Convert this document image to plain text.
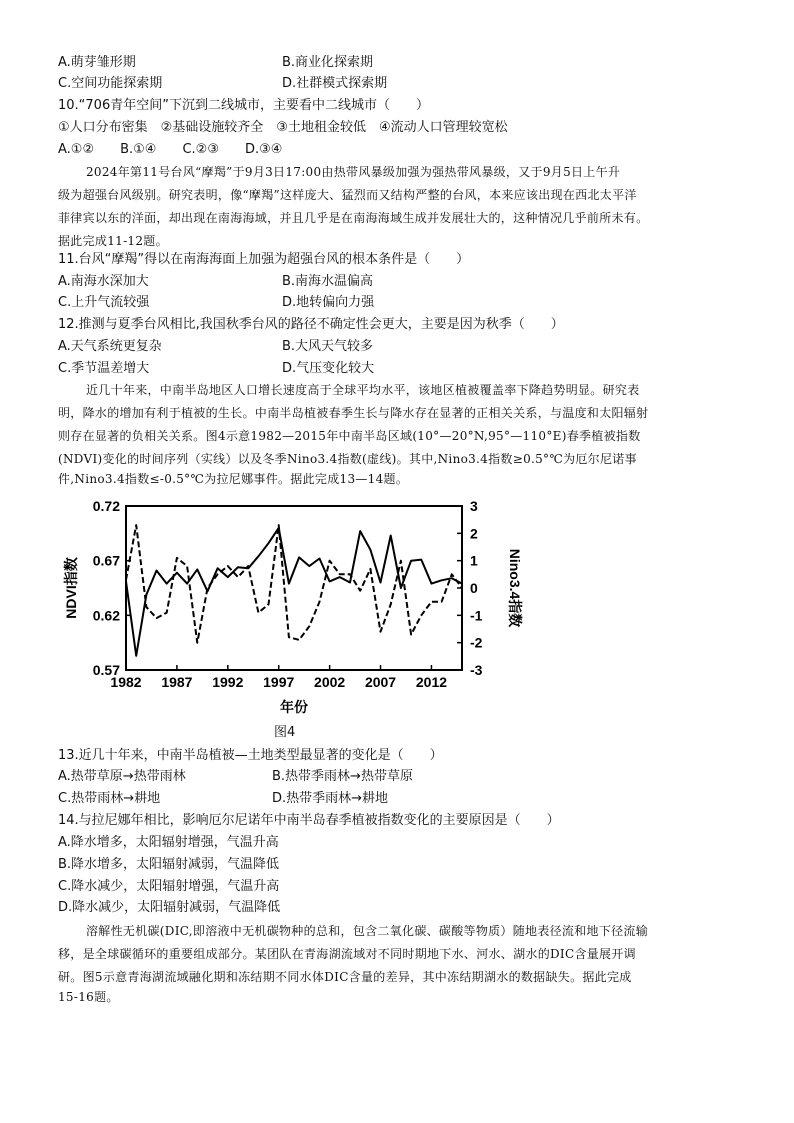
A.萌芽雏形期	B.商业化探索期
C.空间功能探索期	D.社群模式探索期
10.“706青年空间”下沉到二线城市，主要看中二线城市（　　）
①人口分布密集　②基础设施较齐全　③土地租金较低　④流动人口管理较宽松
A.①②　　B.①④　　C.②③　　D.③④
2024年第11号台风“摩羯”于9月3日17:00由热带风暴级加强为强热带风暴级，又于9月5日上午升
级为超强台风级别。研究表明，像“摩羯”这样庞大、猛烈而又结构严整的台风，本来应该出现在西北太平洋
菲律宾以东的洋面，却出现在南海海域，并且几乎是在南海海域生成并发展壮大的，这种情况几乎前所未有。
据此完成11-12题。
11.台风“摩羯”得以在南海海面上加强为超强台风的根本条件是（　　）
A.南海水深加大	B.南海水温偏高
C.上升气流较强	D.地转偏向力强
12.推测与夏季台风相比,我国秋季台风的路径不确定性会更大，主要是因为秋季（　　）
A.天气系统更复杂	B.大风天气较多
C.季节温差增大	D.气压变化较大
近几十年来，中南半岛地区人口增长速度高于全球平均水平，该地区植被覆盖率下降趋势明显。研究表
明，降水的增加有利于植被的生长。中南半岛植被春季生长与降水存在显著的正相关关系，与温度和太阳辐射
则存在显著的负相关关系。图4示意1982—2015年中南半岛区域(10°—20°N,95°—110°E)春季植被指数
(NDVI)变化的时间序列（实线）以及冬季Nino3.4指数(虚线)。其中,Nino3.4指数≥0.5°℃为厄尔尼诺事
件,Nino3.4指数≤-0.5°℃为拉尼娜事件。据此完成13—14题。
1982 1987 1992 1997 2002 2007 2012
0.72
0.67
0.62
0.57
3
2
1
0
-1
-2
-3
NDVI指数	Nino3.4指数
年份
图4
13.近几十年来，中南半岛植被—土地类型最显著的变化是（　　）
A.热带草原→热带雨林	B.热带季雨林→热带草原
C.热带雨林→耕地	D.热带季雨林→耕地
14.与拉尼娜年相比，影响厄尔尼诺年中南半岛春季植被指数变化的主要原因是（　　）
A.降水增多，太阳辐射增强，气温升高
B.降水增多，太阳辐射减弱，气温降低
C.降水减少，太阳辐射增强，气温升高
D.降水减少，太阳辐射减弱，气温降低
溶解性无机碳(DIC,即溶液中无机碳物种的总和，包含二氧化碳、碳酸等物质）随地表径流和地下径流输
移，是全球碳循环的重要组成部分。某团队在青海湖流域对不同时期地下水、河水、湖水的DIC含量展开调
研。图5示意青海湖流域融化期和冻结期不同水体DIC含量的差异，其中冻结期湖水的数据缺失。据此完成
15-16题。
